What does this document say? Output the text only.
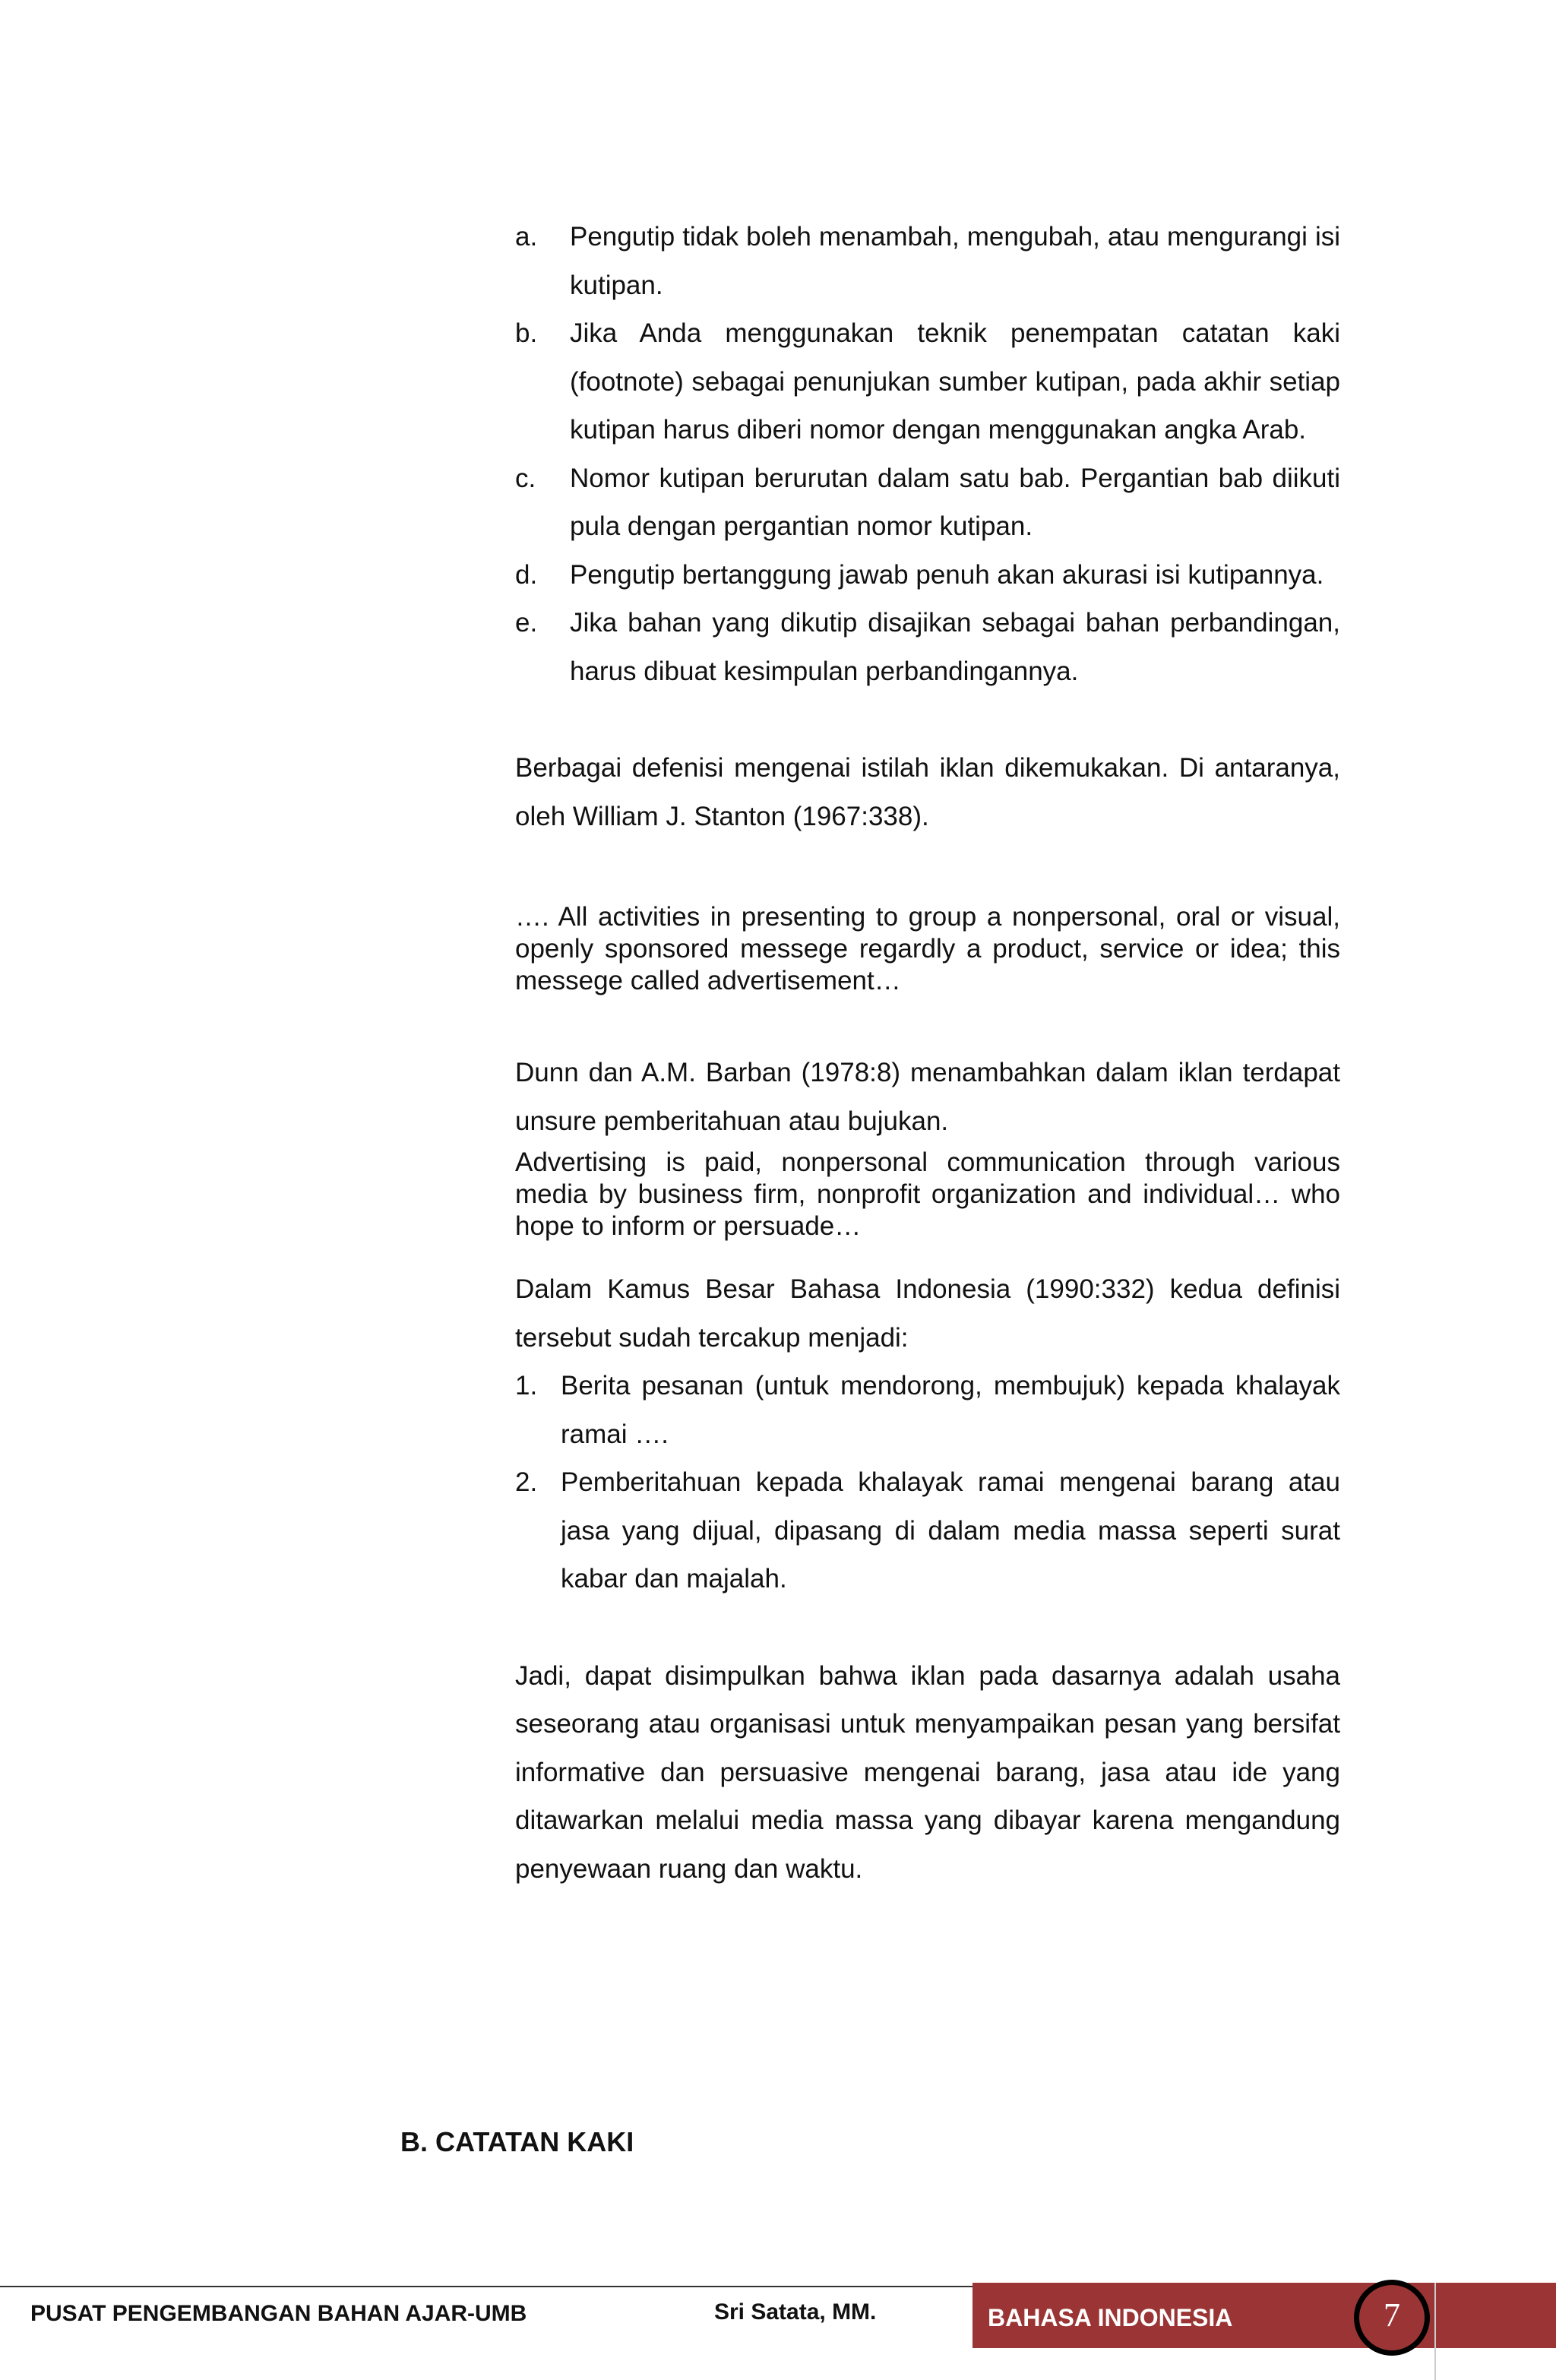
a. Pengutip tidak boleh menambah, mengubah, atau mengurangi isi kutipan.

b. Jika Anda menggunakan teknik penempatan catatan kaki (footnote) sebagai penunjukan sumber kutipan, pada akhir setiap kutipan harus diberi nomor dengan menggunakan angka Arab.

c. Nomor kutipan berurutan dalam satu bab. Pergantian bab diikuti pula dengan pergantian nomor kutipan.

d. Pengutip bertanggung jawab penuh akan akurasi isi kutipannya.

e. Jika bahan yang dikutip disajikan sebagai bahan perbandingan, harus dibuat kesimpulan perbandingannya.

Berbagai defenisi mengenai istilah iklan dikemukakan. Di antaranya, oleh William J. Stanton (1967:338).

…. All activities in presenting to group a nonpersonal, oral or visual, openly sponsored messege regardly a product, service or idea; this messege called advertisement…

Dunn dan A.M. Barban (1978:8) menambahkan dalam iklan terdapat unsure pemberitahuan atau bujukan.

Advertising is paid, nonpersonal communication through various media by business firm, nonprofit organization and individual… who hope to inform or persuade…

Dalam Kamus Besar Bahasa Indonesia (1990:332) kedua definisi tersebut sudah tercakup menjadi:

1. Berita pesanan (untuk mendorong, membujuk) kepada khalayak ramai ….

2. Pemberitahuan kepada khalayak ramai mengenai barang atau jasa yang dijual, dipasang di dalam media massa seperti surat kabar dan majalah.

Jadi, dapat disimpulkan bahwa iklan pada dasarnya adalah usaha seseorang atau organisasi untuk menyampaikan pesan yang bersifat informative dan persuasive mengenai barang, jasa atau ide yang ditawarkan melalui media massa yang dibayar karena mengandung penyewaan ruang dan waktu.

B. CATATAN KAKI
PUSAT PENGEMBANGAN BAHAN AJAR-UMB	Sri Satata, MM.	BAHASA INDONESIA	7
